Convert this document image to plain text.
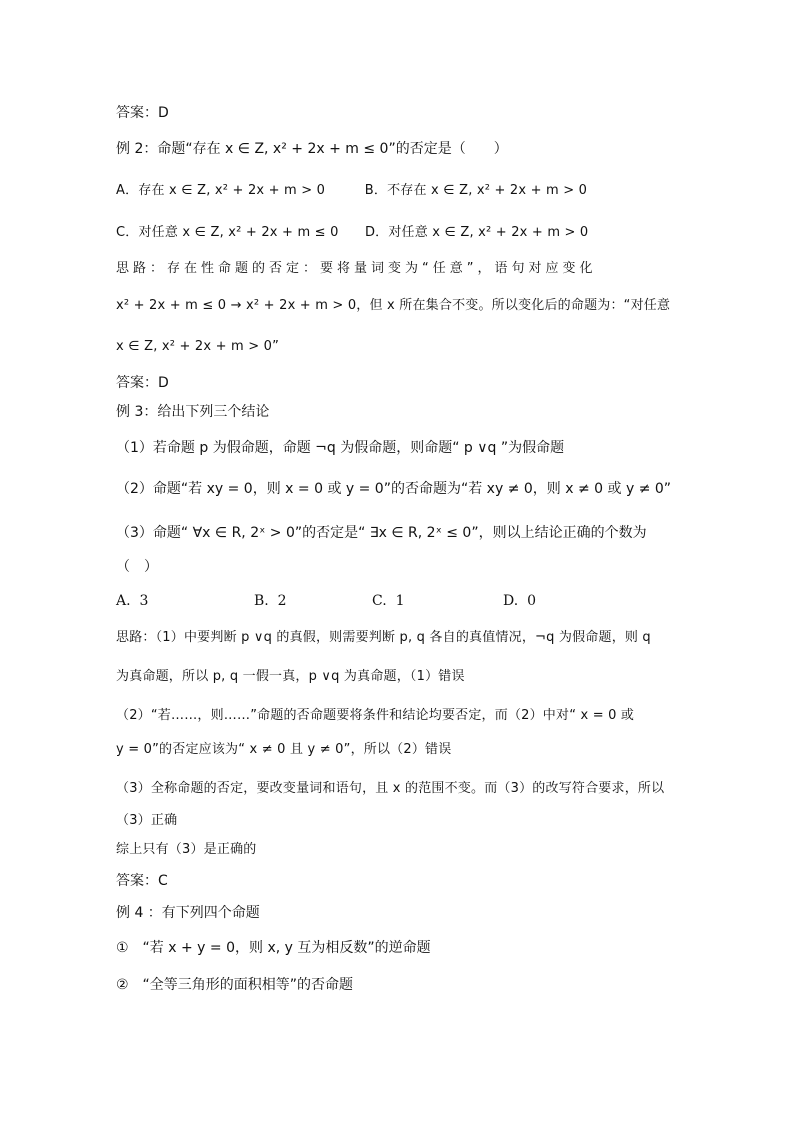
答案：D
例 2：命题“存在 x ∈ Z, x² + 2x + m ≤ 0”的否定是（　　）
A．存在 x ∈ Z, x² + 2x + m > 0　　　B．不存在 x ∈ Z, x² + 2x + m > 0
C．对任意 x ∈ Z, x² + 2x + m ≤ 0　　D．对任意 x ∈ Z, x² + 2x + m > 0
思路：存在性命题的否定：要将量词变为“任意”，语句对应变化
x² + 2x + m ≤ 0 → x² + 2x + m > 0，但 x 所在集合不变。所以变化后的命题为：“对任意
x ∈ Z, x² + 2x + m > 0”
答案：D
例 3：给出下列三个结论
（1）若命题 p 为假命题，命题 ¬q 为假命题，则命题“ p ∨q ”为假命题
（2）命题“若 xy = 0，则 x = 0 或 y = 0”的否命题为“若 xy ≠ 0，则 x ≠ 0 或 y ≠ 0”
（3）命题“ ∀x ∈ R, 2ˣ > 0”的否定是“ ∃x ∈ R, 2ˣ ≤ 0”，则以上结论正确的个数为
（　）
A. 3	B. 2	C. 1	D. 0
思路：（1）中要判断 p ∨q 的真假，则需要判断 p, q 各自的真值情况，¬q 为假命题，则 q
为真命题，所以 p, q 一假一真，p ∨q 为真命题，（1）错误
（2）“若……，则……”命题的否命题要将条件和结论均要否定，而（2）中对“ x = 0 或
y = 0”的否定应该为“ x ≠ 0 且 y ≠ 0”，所以（2）错误
（3）全称命题的否定，要改变量词和语句，且 x 的范围不变。而（3）的改写符合要求，所以
（3）正确
综上只有（3）是正确的
答案：C
例 4 ：有下列四个命题
①　“若 x + y = 0，则 x, y 互为相反数”的逆命题
②　“全等三角形的面积相等”的否命题
